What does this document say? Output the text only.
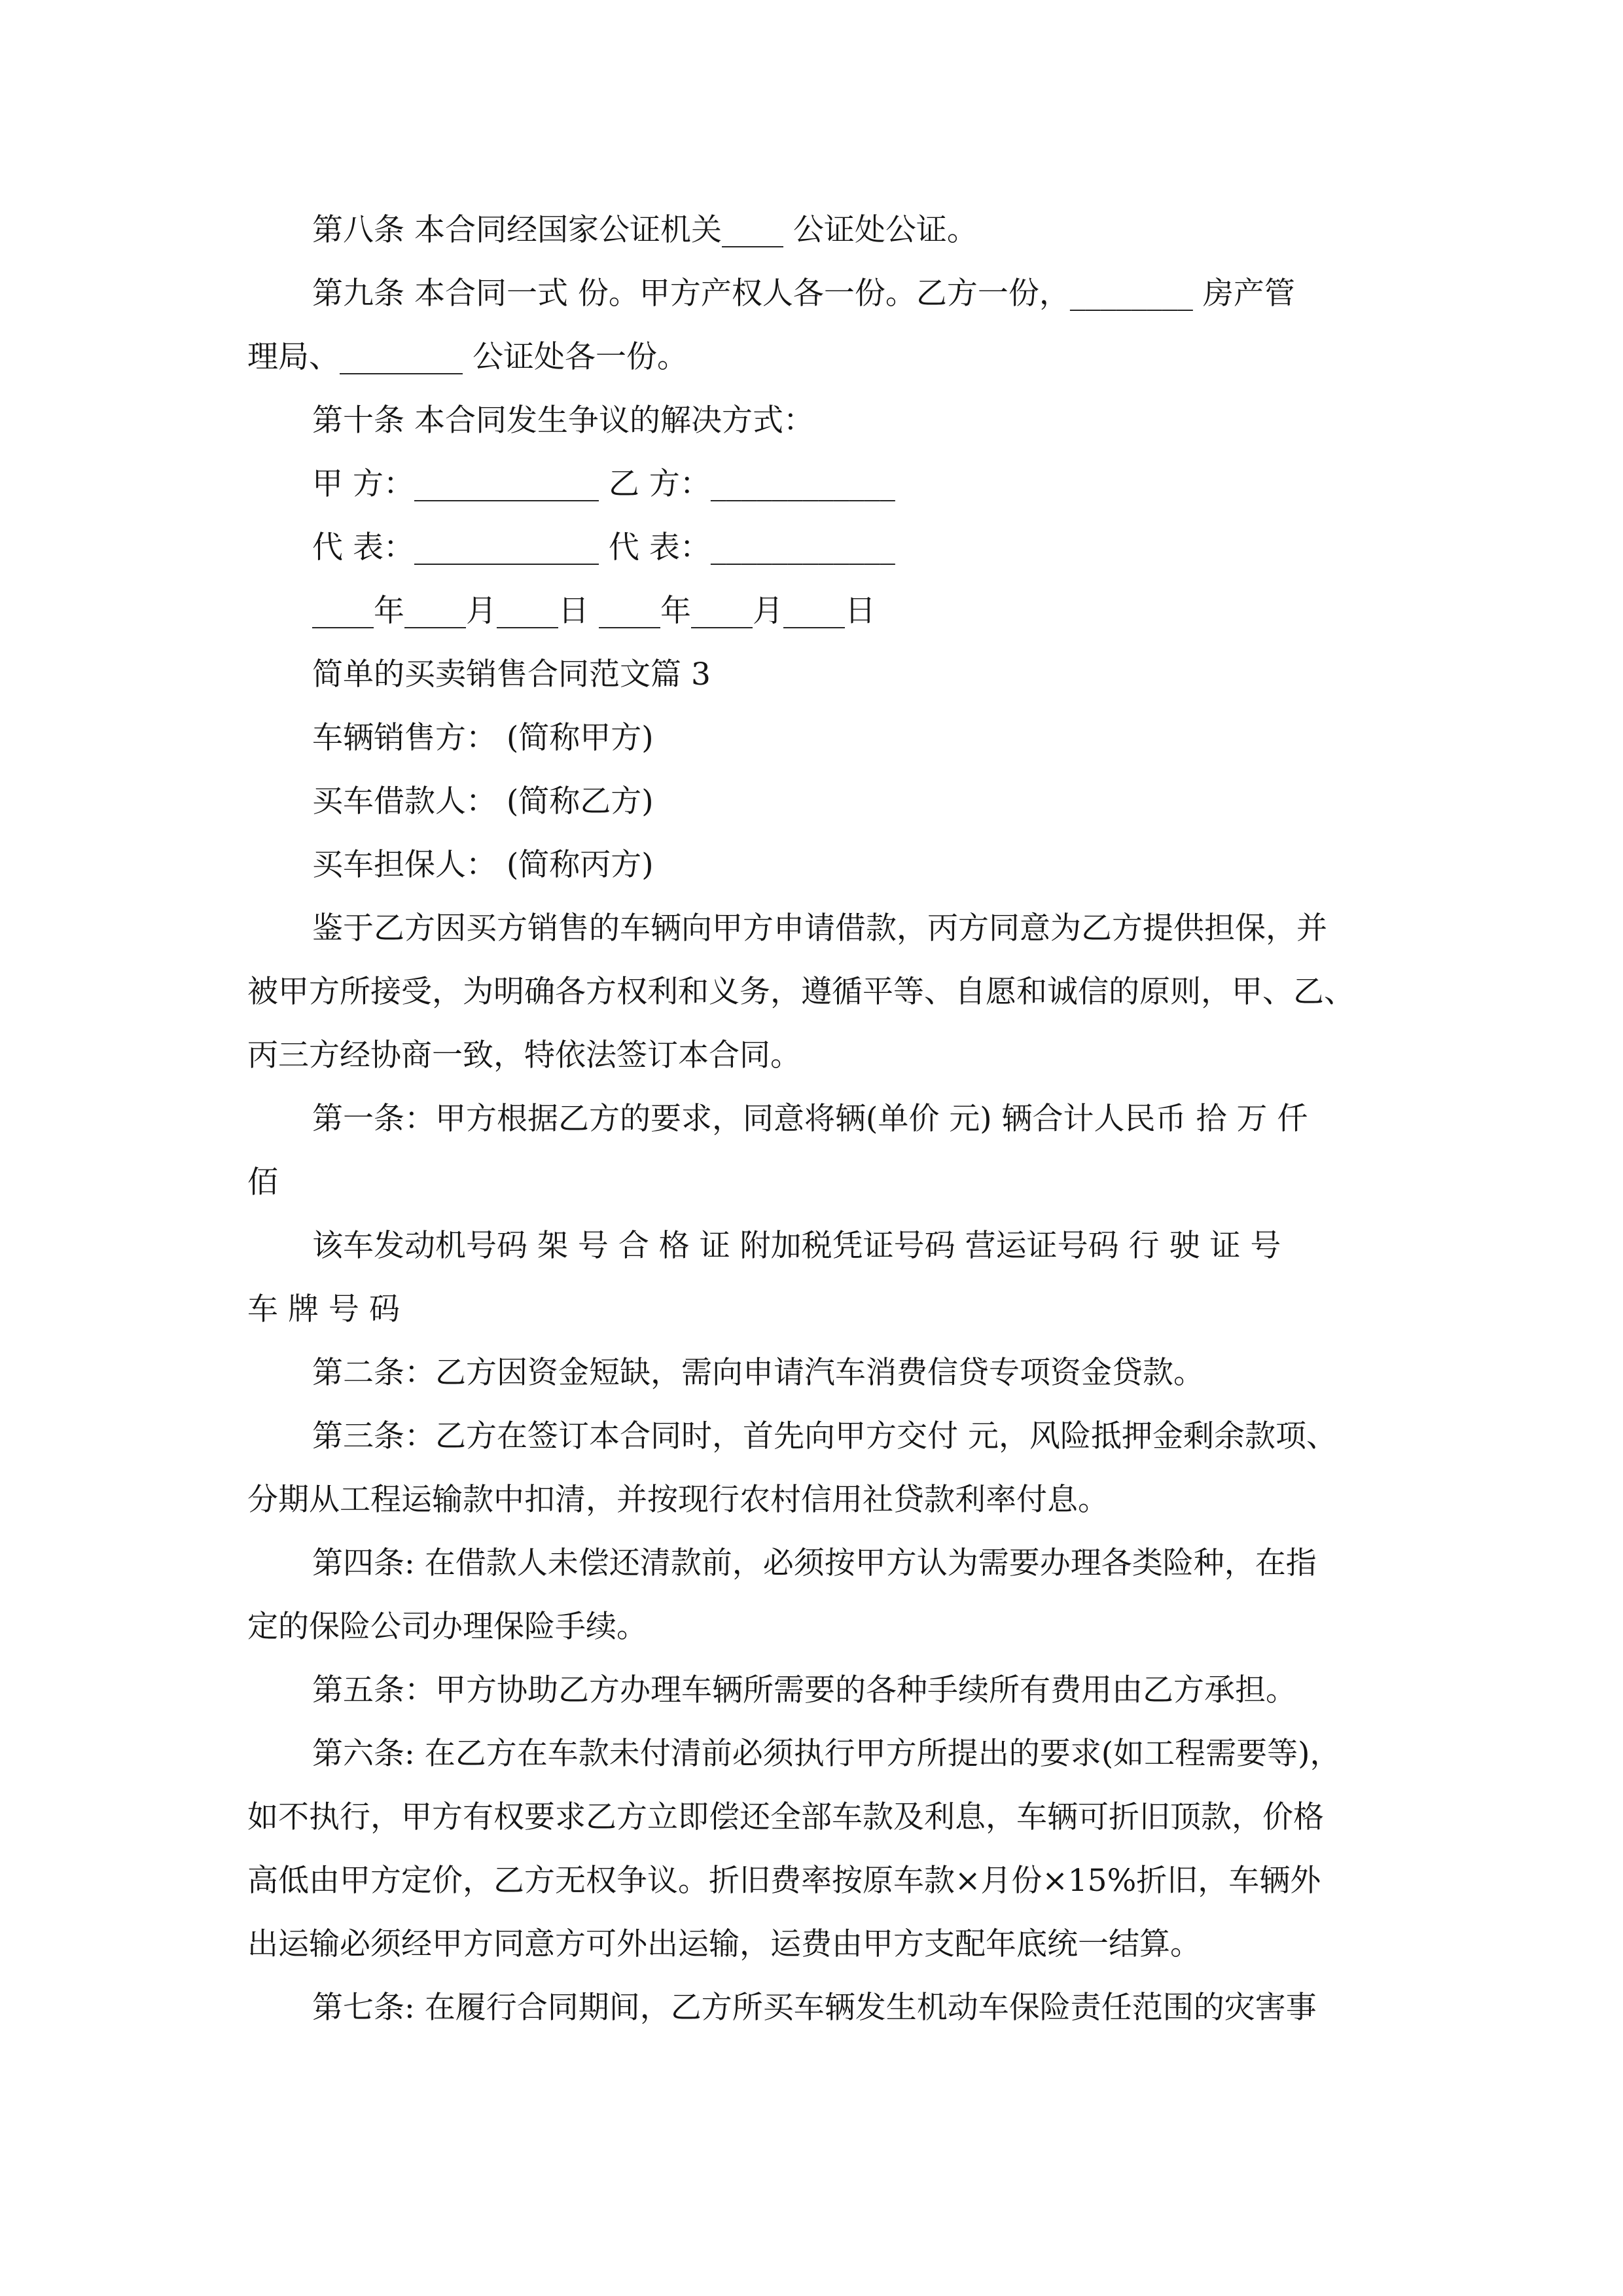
第八条 本合同经国家公证机关____ 公证处公证。

第九条 本合同一式 份。甲方产权人各一份。乙方一份，________ 房产管

理局、________ 公证处各一份。

第十条 本合同发生争议的解决方式：

甲 方：____________ 乙 方：____________

代 表：____________ 代 表：____________

____年____月____日 ____年____月____日

简单的买卖销售合同范文篇 3

车辆销售方： (简称甲方)

买车借款人： (简称乙方)

买车担保人： (简称丙方)

鉴于乙方因买方销售的车辆向甲方申请借款，丙方同意为乙方提供担保，并

被甲方所接受，为明确各方权利和义务，遵循平等、自愿和诚信的原则，甲、乙、

丙三方经协商一致，特依法签订本合同。

第一条：甲方根据乙方的要求，同意将辆(单价 元) 辆合计人民币 拾 万 仟

佰

该车发动机号码 架 号 合 格 证 附加税凭证号码 营运证号码 行 驶 证 号

车 牌 号 码

第二条：乙方因资金短缺，需向申请汽车消费信贷专项资金贷款。

第三条：乙方在签订本合同时，首先向甲方交付 元，风险抵押金剩余款项、

分期从工程运输款中扣清，并按现行农村信用社贷款利率付息。

第四条: 在借款人未偿还清款前，必须按甲方认为需要办理各类险种，在指

定的保险公司办理保险手续。

第五条：甲方协助乙方办理车辆所需要的各种手续所有费用由乙方承担。

第六条: 在乙方在车款未付清前必须执行甲方所提出的要求(如工程需要等)，

如不执行，甲方有权要求乙方立即偿还全部车款及利息，车辆可折旧顶款，价格

高低由甲方定价，乙方无权争议。折旧费率按原车款×月份×15%折旧，车辆外

出运输必须经甲方同意方可外出运输，运费由甲方支配年底统一结算。

第七条: 在履行合同期间，乙方所买车辆发生机动车保险责任范围的灾害事
